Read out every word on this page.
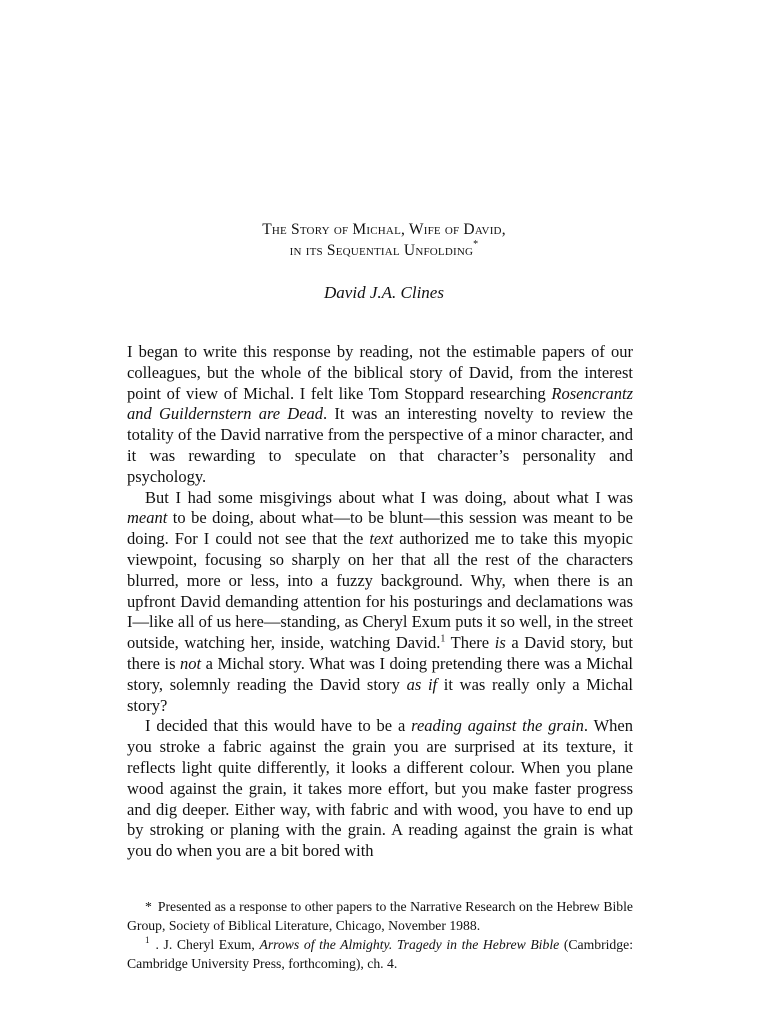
The Story of Michal, Wife of David,
in its Sequential Unfolding*
David J.A. Clines

I began to write this response by reading, not the estimable papers of our colleagues, but the whole of the biblical story of David, from the interest point of view of Michal. I felt like Tom Stoppard researching Rosencrantz and Guildernstern are Dead. It was an interesting novelty to review the totality of the David narrative from the perspective of a minor character, and it was rewarding to speculate on that character’s personality and psychology.

But I had some misgivings about what I was doing, about what I was meant to be doing, about what—to be blunt—this session was meant to be doing. For I could not see that the text authorized me to take this myopic viewpoint, focusing so sharply on her that all the rest of the characters blurred, more or less, into a fuzzy background. Why, when there is an upfront David demanding attention for his posturings and declamations was I—like all of us here—standing, as Cheryl Exum puts it so well, in the street outside, watching her, inside, watching David.$^1$ There is a David story, but there is not a Michal story. What was I doing pretending there was a Michal story, solemnly reading the David story as if it was really only a Michal story?

I decided that this would have to be a reading against the grain. When you stroke a fabric against the grain you are surprised at its texture, it reflects light quite differently, it looks a different colour. When you plane wood against the grain, it takes more effort, but you make faster progress and dig deeper. Either way, with fabric and with wood, you have to end up by stroking or planing with the grain. A reading against the grain is what you do when you are a bit bored with

* Presented as a response to other papers to the Narrative Research on the Hebrew Bible Group, Society of Biblical Literature, Chicago, November 1988.

$^1$ . J. Cheryl Exum, Arrows of the Almighty. Tragedy in the Hebrew Bible (Cambridge: Cambridge University Press, forthcoming), ch. 4.
